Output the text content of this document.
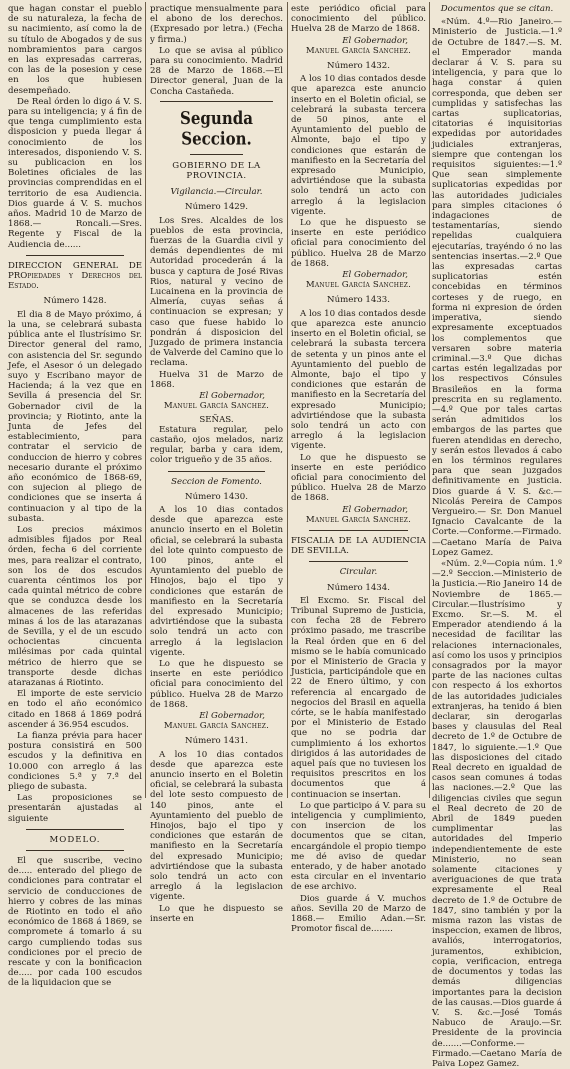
que hagan constar el pueblo de su naturaleza, la fecha de su nacimiento, así como la de su título de Abogados y de sus nombramientos para cargos en las expresadas carreras, con las de la posesion y cese en los que hubiesen desempeñado.

De Real órden lo digo á V. S. para su inteligencia; y á fin de que tenga cumplimiento esta disposicion y pueda llegar á conocimiento de los interesados, disponiendo V. S. su publicacion en los Boletines oficiales de las provincias comprendidas en el territorio de esa Audiencia. Dios guarde á V. S. muchos años. Madrid 10 de Marzo de 1868.— Roncali.—Sres. Regente y Fiscal de la Audiencia de......

DIRECCION GENERAL DE PROpiedades y Derechos del Estado.

Número 1428.

El dia 8 de Mayo próximo, á la una, se celebrará subasta pública ante el Ilustrísimo Sr. Director general del ramo, con asistencia del Sr. segundo Jefe, el Asesor ó un delegado suyo y Escribano mayor de Hacienda; á la vez que en Sevilla á presencia del Sr. Gobernador civil de la provincia; y Riotinto, ante la Junta de Jefes del establecimiento, para contratar el servicio de conduccion de hierro y cobres necesario durante el próximo año económico de 1868-69, con sujecion al pliego de condiciones que se inserta á continuacion y al tipo de la subasta.

Los precios máximos admisibles fijados por Real órden, fecha 6 del corriente mes, para realizar el contrato, son los de dos escudos cuarenta céntimos los por cada quintal métrico de cobre que se conduzca desde los almacenes de las referidas minas á los de las atarazanas de Sevilla, y el de un escudo ochocientas cincuenta milésimas por cada quintal métrico de hierro que se transporte desde dichas atarazanas á Riotinto.

El importe de este servicio en todo el año económico citado en 1868 á 1869 podrá ascender á 36.954 escudos.

La fianza prévia para hacer postura consistirá en 500 escudos y la definitiva en 10.000 con arreglo á las condiciones 5.ª y 7.ª del pliego de subasta.

Las proposiciones se presentarán ajustadas al siguiente

MODELO.

El que suscribe, vecino de..... enterado del pliego de condiciones para contratar el servicio de conducciones de hierro y cobres de las minas de Riotinto en todo el año económico de 1868 á 1869, se compromete á tomarlo á su cargo cumpliendo todas sus condiciones por el precio de rescate y con la bonificacion de..... por cada 100 escudos de la liquidacion que se

practique mensualmente para el abono de los derechos. (Expresado por letra.) (Fecha y firma.)

Lo que se avisa al público para su conocimiento. Madrid 28 de Marzo de 1868.—El Director general, Juan de la Concha Castañeda.

Segunda Seccion.
GOBIERNO DE LA PROVINCIA.
Vigilancia.—Circular.
Número 1429.

Los Sres. Alcaldes de los pueblos de esta provincia, fuerzas de la Guardia civil y demás dependientes de mi Autoridad procederán á la busca y captura de José Rivas Rios, natural y vecino de Lucainena en la provincia de Almería, cuyas señas á continuacion se expresan; y caso que fuese habido lo pondrán á disposicion del Juzgado de primera instancia de Valverde del Camino que lo reclama.

Huelva 31 de Marzo de 1868.

El Gobernador,
Manuel García Sanchez.
SEÑAS.

Estatura regular, pelo castaño, ojos melados, nariz regular, barba y cara idem, color trigueño y de 35 años.

Seccion de Fomento.
Número 1430.

A los 10 dias contados desde que aparezca este anuncio inserto en el Boletin oficial, se celebrará la subasta del lote quinto compuesto de 100 pinos, ante el Ayuntamiento del pueblo de Hinojos, bajo el tipo y condiciones que estarán de manifiesto en la Secretaría del expresado Municipio; advirtiéndose que la subasta solo tendrá un acto con arreglo á la legislacion vigente.

Lo que he dispuesto se inserte en este periódico oficial para conocimiento del público. Huelva 28 de Marzo de 1868.

El Gobernador,
Manuel García Sanchez.
Número 1431.

A los 10 dias contados desde que aparezca este anuncio inserto en el Boletin oficial, se celebrará la subasta del lote sesto compuesto de 140 pinos, ante el Ayuntamiento del pueblo de Hinojos, bajo el tipo y condiciones que estarán de manifiesto en la Secretaría del expresado Municipio; advirtiéndose que la subasta solo tendrá un acto con arreglo á la legislacion vigente.

Lo que he dispuesto se inserte en

este periódico oficial para conocimiento del público. Huelva 28 de Marzo de 1868.

El Gobernador,
Manuel García Sanchez.
Número 1432.

A los 10 dias contados desde que aparezca este anuncio inserto en el Boletin oficial, se celebrará la subasta tercera de 50 pinos, ante el Ayuntamiento del pueblo de Almonte, bajo el tipo y condiciones que estarán de manifiesto en la Secretaría del expresado Municipio, advirtiéndose que la subasta solo tendrá un acto con arreglo á la legislacion vigente.

Lo que he dispuesto se inserte en este periódico oficial para conocimiento del público. Huelva 28 de Marzo de 1868.

El Gobernador,
Manuel García Sanchez.
Número 1433.

A los 10 dias contados desde que aparezca este anuncio inserto en el Boletin oficial, se celebrará la subasta tercera de setenta y un pinos ante el Ayuntamiento del pueblo de Almonte, bajo el tipo y condiciones que estarán de manifiesto en la Secretaría del expresado Municipio; advirtiéndose que la subasta solo tendrá un acto con arreglo á la legislacion vigente.

Lo que he dispuesto se inserte en este periódico oficial para conocimiento del público. Huelva 28 de Marzo de 1868.

El Gobernador,
Manuel García Sanchez.

FISCALIA DE LA AUDIENCIA DE SEVILLA.

Circular.
Número 1434.

El Excmo. Sr. Fiscal del Tribunal Supremo de Justicia, con fecha 28 de Febrero próximo pasado, me trascribe la Real órden que en 6 del mismo se le había comunicado por el Ministerio de Gracia y Justicia, participándole que en 22 de Enero último, y con referencia al encargado de negocios del Brasil en aquella córte, se le había manifestado por el Ministerio de Estado que no se podria dar cumplimiento á los exhortos dirigidos á las autoridades de aquel país que no tuviesen los requisitos prescritos en los documentos que á continuacion se insertan.

Lo que participo á V. para su inteligencia y cumplimiento, con insercion de los documentos que se citan, encargándole el propio tiempo me dé aviso de quedar enterado, y de haber anotado esta circular en el inventario de ese archivo.

Dios guarde á V. muchos años. Sevilla 20 de Marzo de 1868.— Emilio Adan.—Sr. Promotor fiscal de........

Documentos que se citan.

«Núm. 4.º—Rio Janeiro.—Ministerio de Justicia.—1.º de Octubre de 1847.—S. M. el Emperador manda declarar á V. S. para su inteligencia, y para que lo haga constar á quien corresponda, que deben ser cumplidas y satisfechas las cartas suplicatorias, citatorias é inquisitorias expedidas por autoridades judiciales extranjeras, siempre que contengan los requisitos siguientes:—1.º Que sean simplemente suplicatorias expedidas por las autoridades judiciales para simples citaciones ó indagaciones de testamentarías, siendo repelidas cualquiera ejecutarías, trayéndo ó no las sentencias insertas.—2.º Que las expresadas cartas suplicatorias estén concebidas en términos corteses y de ruego, en forma ni expresion de órden imperativa, siendo expresamente exceptuados los complementos que versaren sobre materia criminal.—3.º Que dichas cartas estén legalizadas por los respectivos Cónsules Brasileños en la forma prescrita en su reglamento. —4.º Que por tales cartas serán admitidos los embargos de las partes que fueren atendidas en derecho, y serán estos llevados á cabo en los términos regulares para que sean juzgados definitivamente en justicia. Dios guarde á V. S. &c.—Nicolás Pereira de Campos Vergueiro.— Sr. Don Manuel Ignacio Cavalcante de la Corte.—Conforme.—Firmado.—Caetano María de Paiva Lopez Gamez.

«Núm. 2.º—Copia núm. 1.º—2.º Seccion.—Ministerio de la Justicia.—Rio Janeiro 14 de Noviembre de 1865.—Circular.—Ilustrísimo y Excmo. Sr.—S. M. el Emperador atendiendo á la necesidad de facilitar las relaciones internacionales, así como los usos y principios consagrados por la mayor parte de las naciones cultas con respecto á los exhortos de las autoridades judiciales extranjeras, ha tenido á bien declarar, sin derogarlas bases y clausulas del Real decreto de 1.º de Octubre de 1847, lo siguiente.—1.º Que las disposiciones del citado Real decreto en igualdad de casos sean comunes á todas las naciones.—2.º Que las diligencias civiles que segun el Real decreto de 20 de Abril de 1849 pueden cumplimentar las autoridades del Imperio independientemente de este Ministerio, no sean solamente citaciones y averiguaciones de que trata expresamente el Real decreto de 1.º de Octubre de 1847, sino también y por la misma razon las vistas de inspeccion, examen de libros, avaliós, interrogatorios, juramentos, exhibicion, copia, verificacion, entrega de documentos y todas las demás diligencias importantes para la decision de las causas.—Dios guarde á V. S. &c.—José Tomás Nabuco de Araujo.—Sr. Presidente de la provincia de.......—Conforme.— Firmado.—Caetano María de Paiva Lopez Gamez.
